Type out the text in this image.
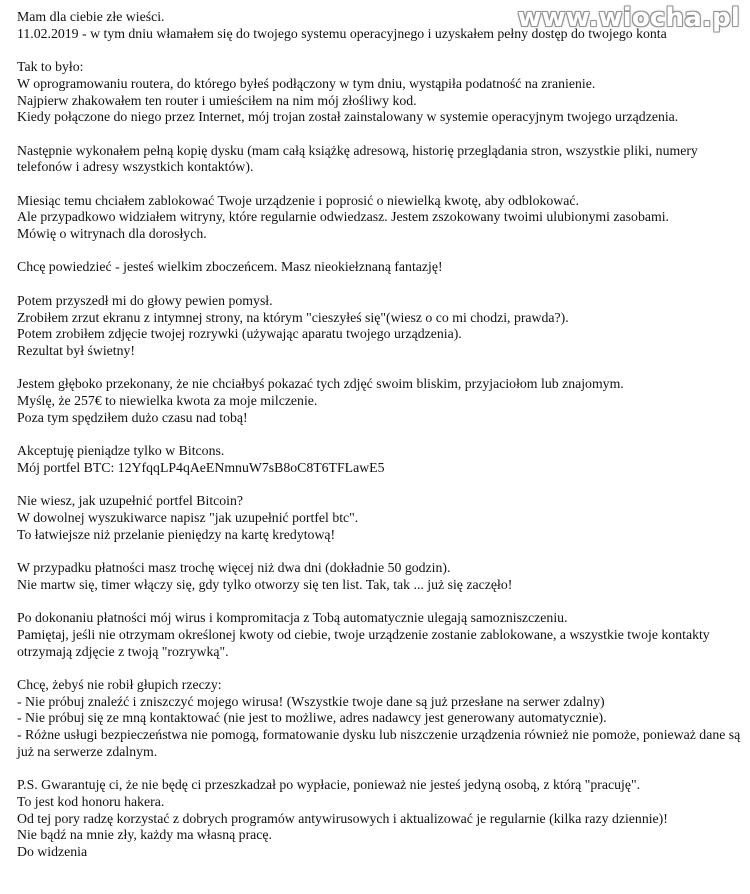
Mam dla ciebie złe wieści.
11.02.2019 - w tym dniu włamałem się do twojego systemu operacyjnego i uzyskałem pełny dostęp do twojego konta
Tak to było:
W oprogramowaniu routera, do którego byłeś podłączony w tym dniu, wystąpiła podatność na zranienie.
Najpierw zhakowałem ten router i umieściłem na nim mój złośliwy kod.
Kiedy połączone do niego przez Internet, mój trojan został zainstalowany w systemie operacyjnym twojego urządzenia.
Następnie wykonałem pełną kopię dysku (mam całą książkę adresową, historię przeglądania stron, wszystkie pliki, numery
telefonów i adresy wszystkich kontaktów).
Miesiąc temu chciałem zablokować Twoje urządzenie i poprosić o niewielką kwotę, aby odblokować.
Ale przypadkowo widziałem witryny, które regularnie odwiedzasz. Jestem zszokowany twoimi ulubionymi zasobami.
Mówię o witrynach dla dorosłych.
Chcę powiedzieć - jesteś wielkim zboczeńcem. Masz nieokiełznaną fantazję!
Potem przyszedł mi do głowy pewien pomysł.
Zrobiłem zrzut ekranu z intymnej strony, na którym "cieszyłeś się"(wiesz o co mi chodzi, prawda?).
Potem zrobiłem zdjęcie twojej rozrywki (używając aparatu twojego urządzenia).
Rezultat był świetny!
Jestem głęboko przekonany, że nie chciałbyś pokazać tych zdjęć swoim bliskim, przyjaciołom lub znajomym.
Myślę, że 257€ to niewielka kwota za moje milczenie.
Poza tym spędziłem dużo czasu nad tobą!
Akceptuję pieniądze tylko w Bitcons.
Mój portfel BTC: 12YfqqLP4qAeENmnuW7sB8oC8T6TFLawE5
Nie wiesz, jak uzupełnić portfel Bitcoin?
W dowolnej wyszukiwarce napisz "jak uzupełnić portfel btc".
To łatwiejsze niż przelanie pieniędzy na kartę kredytową!
W przypadku płatności masz trochę więcej niż dwa dni (dokładnie 50 godzin).
Nie martw się, timer włączy się, gdy tylko otworzy się ten list. Tak, tak ... już się zaczęło!
Po dokonaniu płatności mój wirus i kompromitacja z Tobą automatycznie ulegają samozniszczeniu.
Pamiętaj, jeśli nie otrzymam określonej kwoty od ciebie, twoje urządzenie zostanie zablokowane, a wszystkie twoje kontakty
otrzymają zdjęcie z twoją "rozrywką".
Chcę, żebyś nie robił głupich rzeczy:
- Nie próbuj znaleźć i zniszczyć mojego wirusa! (Wszystkie twoje dane są już przesłane na serwer zdalny)
- Nie próbuj się ze mną kontaktować (nie jest to możliwe, adres nadawcy jest generowany automatycznie).
- Różne usługi bezpieczeństwa nie pomogą, formatowanie dysku lub niszczenie urządzenia również nie pomoże, ponieważ dane są
już na serwerze zdalnym.
P.S. Gwarantuję ci, że nie będę ci przeszkadzał po wypłacie, ponieważ nie jesteś jedyną osobą, z którą "pracuję".
To jest kod honoru hakera.
Od tej pory radzę korzystać z dobrych programów antywirusowych i aktualizować je regularnie (kilka razy dziennie)!
Nie bądź na mnie zły, każdy ma własną pracę.
Do widzenia
www.wiocha.pl
